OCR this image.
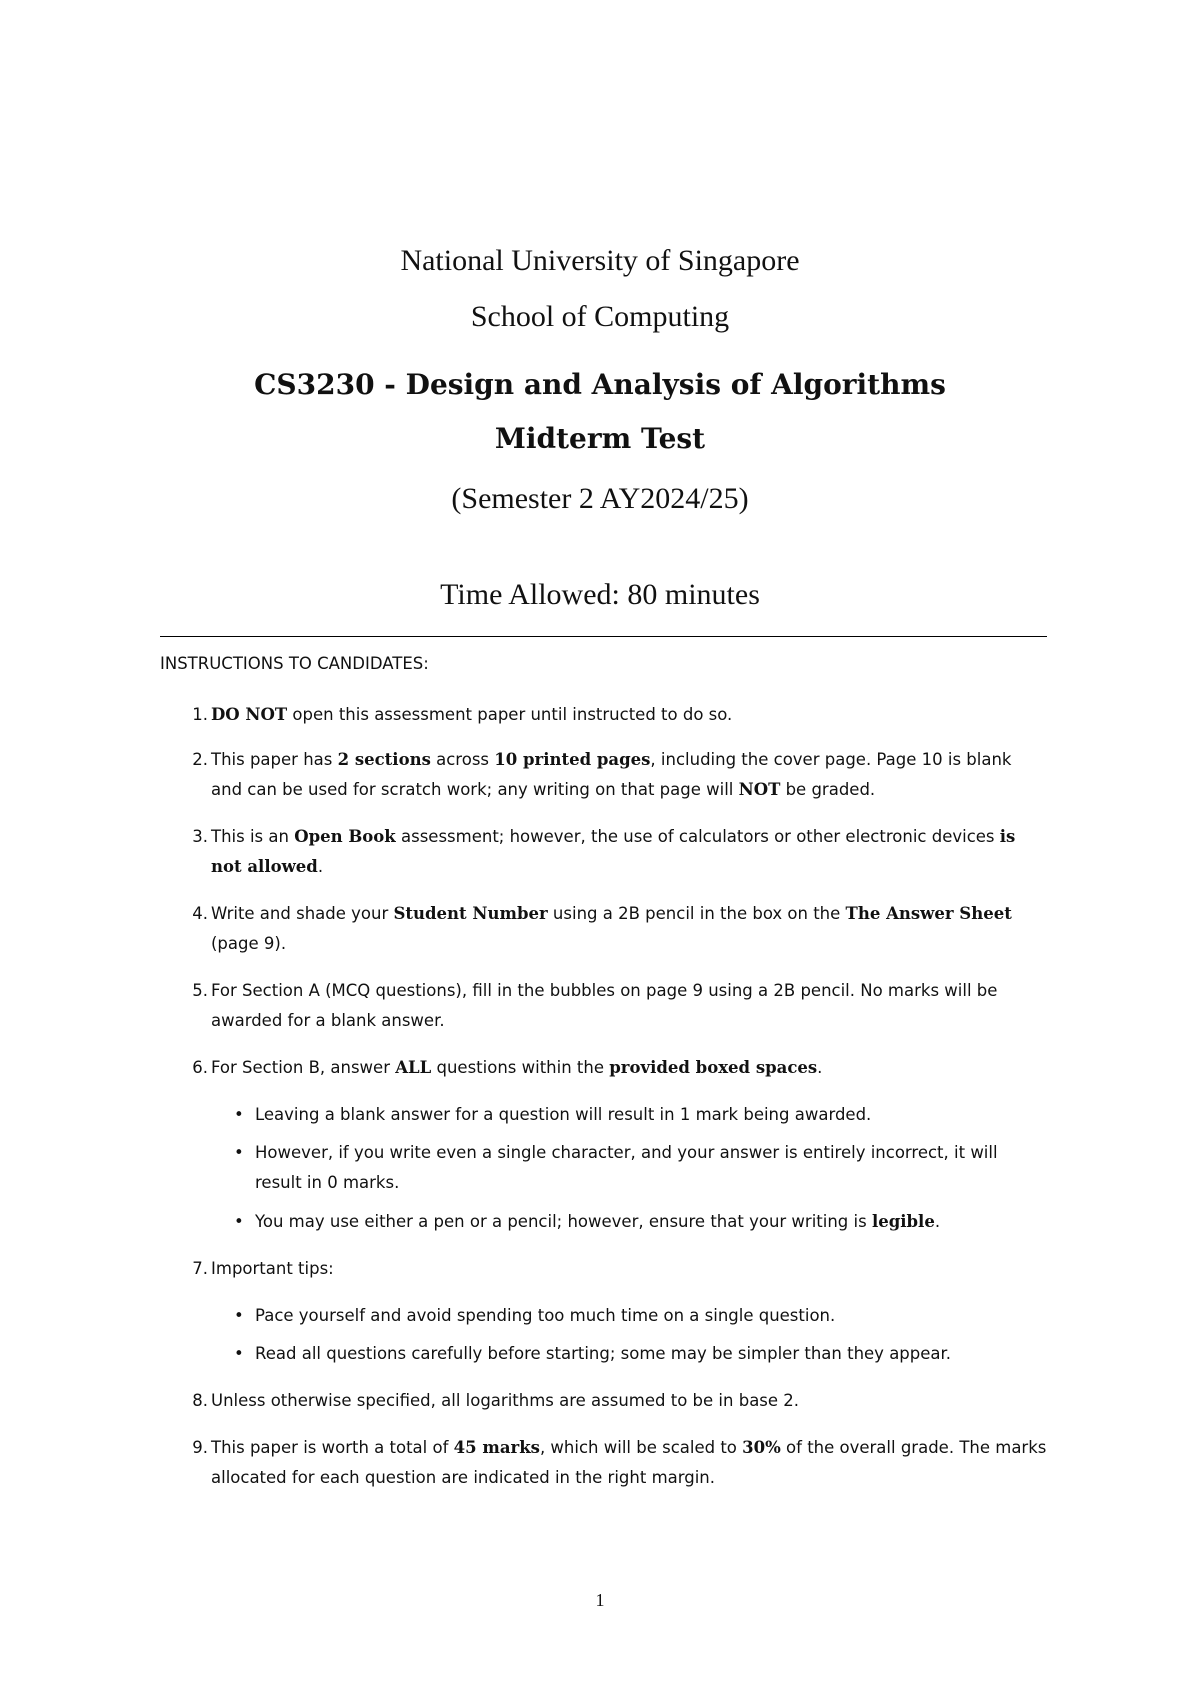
National University of Singapore
School of Computing
CS3230 - Design and Analysis of Algorithms
Midterm Test
(Semester 2 AY2024/25)
Time Allowed: 80 minutes
INSTRUCTIONS TO CANDIDATES:
1. DO NOT open this assessment paper until instructed to do so.
2. This paper has 2 sections across 10 printed pages, including the cover page. Page 10 is blank and can be used for scratch work; any writing on that page will NOT be graded.
3. This is an Open Book assessment; however, the use of calculators or other electronic devices is not allowed.
4. Write and shade your Student Number using a 2B pencil in the box on the The Answer Sheet (page 9).
5. For Section A (MCQ questions), fill in the bubbles on page 9 using a 2B pencil. No marks will be awarded for a blank answer.
6. For Section B, answer ALL questions within the provided boxed spaces.
• Leaving a blank answer for a question will result in 1 mark being awarded.
• However, if you write even a single character, and your answer is entirely incorrect, it will result in 0 marks.
• You may use either a pen or a pencil; however, ensure that your writing is legible.
7. Important tips:
• Pace yourself and avoid spending too much time on a single question.
• Read all questions carefully before starting; some may be simpler than they appear.
8. Unless otherwise specified, all logarithms are assumed to be in base 2.
9. This paper is worth a total of 45 marks, which will be scaled to 30% of the overall grade. The marks allocated for each question are indicated in the right margin.
1
